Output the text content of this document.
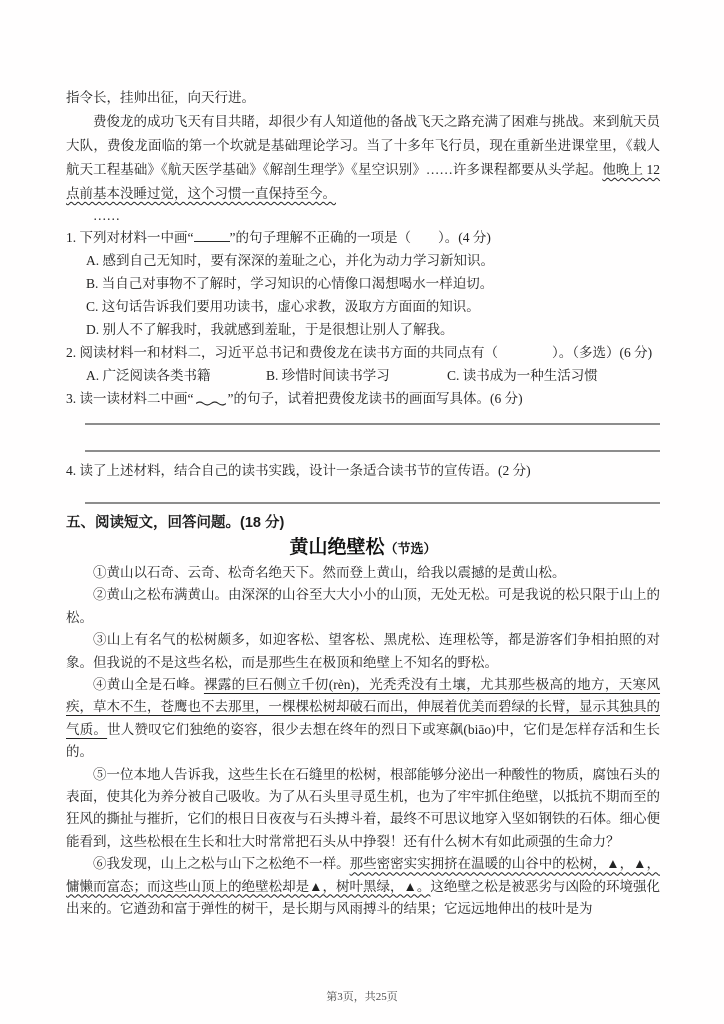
指令长，挂帅出征，向天行进。

费俊龙的成功飞天有目共睹，却很少有人知道他的备战飞天之路充满了困难与挑战。来到航天员大队，费俊龙面临的第一个坎就是基础理论学习。当了十多年飞行员，现在重新坐进课堂里，《载人航天工程基础》《航天医学基础》《解剖生理学》《星空识别》……许多课程都要从头学起。他晚上 12 点前基本没睡过觉，这个习惯一直保持至今。

……

1. 下列对材料一中画“	”的句子理解不正确的一项是（　　）。(4 分)

A. 感到自己无知时，要有深深的羞耻之心，并化为动力学习新知识。

B. 当自己对事物不了解时，学习知识的心情像口渴想喝水一样迫切。

C. 这句话告诉我们要用功读书，虚心求教，汲取方方面面的知识。

D. 别人不了解我时，我就感到羞耻，于是很想让别人了解我。

2. 阅读材料一和材料二，习近平总书记和费俊龙在读书方面的共同点有（　　　　）。（多选）(6 分)

A. 广泛阅读各类书籍	B. 珍惜时间读书学习	C. 读书成为一种生活习惯

3. 读一读材料二中画“	”的句子，试着把费俊龙读书的画面写具体。(6 分)

4. 读了上述材料，结合自己的读书实践，设计一条适合读书节的宣传语。(2 分)

五、阅读短文，回答问题。(18 分)
黄山绝壁松（节选）

①黄山以石奇、云奇、松奇名绝天下。然而登上黄山，给我以震撼的是黄山松。

②黄山之松布满黄山。由深深的山谷至大大小小的山顶，无处无松。可是我说的松只限于山上的松。

③山上有名气的松树颇多，如迎客松、望客松、黑虎松、连理松等，都是游客们争相拍照的对象。但我说的不是这些名松，而是那些生在极顶和绝壁上不知名的野松。

④黄山全是石峰。裸露的巨石侧立千仞(rèn)，光秃秃没有土壤，尤其那些极高的地方，天寒风疾，草木不生，苍鹰也不去那里，一棵棵松树却破石而出，伸展着优美而碧绿的长臂，显示其独具的气质。世人赞叹它们独绝的姿容，很少去想在终年的烈日下或寒飙(biāo)中，它们是怎样存活和生长的。

⑤一位本地人告诉我，这些生长在石缝里的松树，根部能够分泌出一种酸性的物质，腐蚀石头的表面，使其化为养分被自己吸收。为了从石头里寻觅生机，也为了牢牢抓住绝壁，以抵抗不期而至的狂风的撕扯与摧折，它们的根日日夜夜与石头搏斗着，最终不可思议地穿入坚如钢铁的石体。细心便能看到，这些松根在生长和壮大时常常把石头从中挣裂！还有什么树木有如此顽强的生命力？

⑥我发现，山上之松与山下之松绝不一样。那些密密实实拥挤在温暖的山谷中的松树，▲，▲，慵懒而富态；而这些山顶上的绝壁松却是▲，树叶黑绿，▲。这绝壁之松是被恶劣与凶险的环境强化出来的。它遒劲和富于弹性的树干，是长期与风雨搏斗的结果；它远远地伸出的枝叶是为

第3页，共25页
